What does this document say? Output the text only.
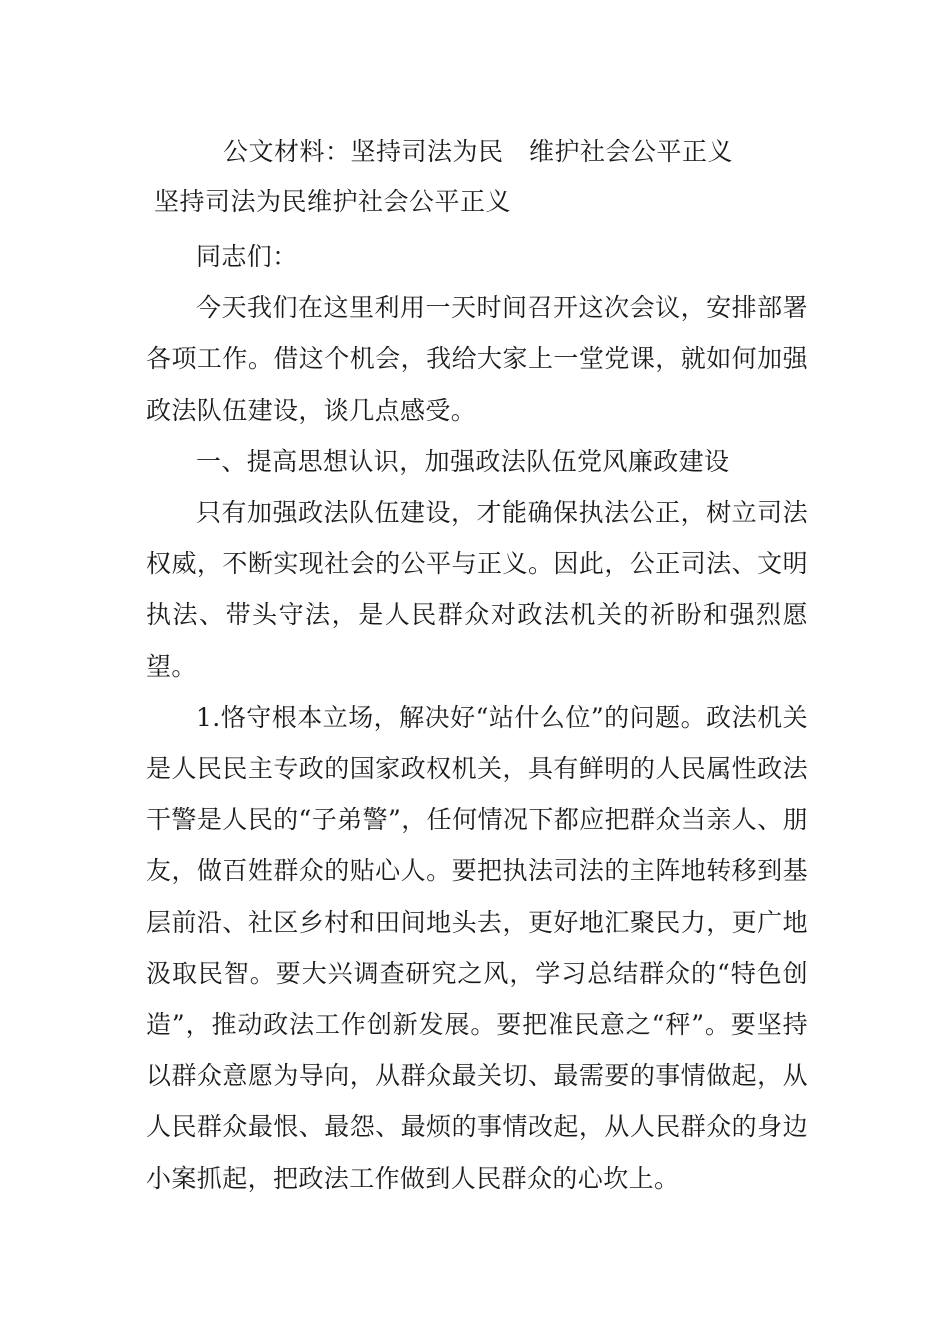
公文材料：坚持司法为民　维护社会公平正义
坚持司法为民维护社会公平正义

同志们：

今天我们在这里利用一天时间召开这次会议，安排部署各项工作。借这个机会，我给大家上一堂党课，就如何加强政法队伍建设，谈几点感受。

一、提高思想认识，加强政法队伍党风廉政建设

只有加强政法队伍建设，才能确保执法公正，树立司法权威，不断实现社会的公平与正义。因此，公正司法、文明执法、带头守法，是人民群众对政法机关的祈盼和强烈愿望。

1.恪守根本立场，解决好“站什么位”的问题。政法机关是人民民主专政的国家政权机关，具有鲜明的人民属性政法干警是人民的“子弟警”，任何情况下都应把群众当亲人、朋友，做百姓群众的贴心人。要把执法司法的主阵地转移到基层前沿、社区乡村和田间地头去，更好地汇聚民力，更广地汲取民智。要大兴调查研究之风，学习总结群众的“特色创造”，推动政法工作创新发展。要把准民意之“秤”。要坚持以群众意愿为导向，从群众最关切、最需要的事情做起，从人民群众最恨、最怨、最烦的事情改起，从人民群众的身边小案抓起，把政法工作做到人民群众的心坎上。
